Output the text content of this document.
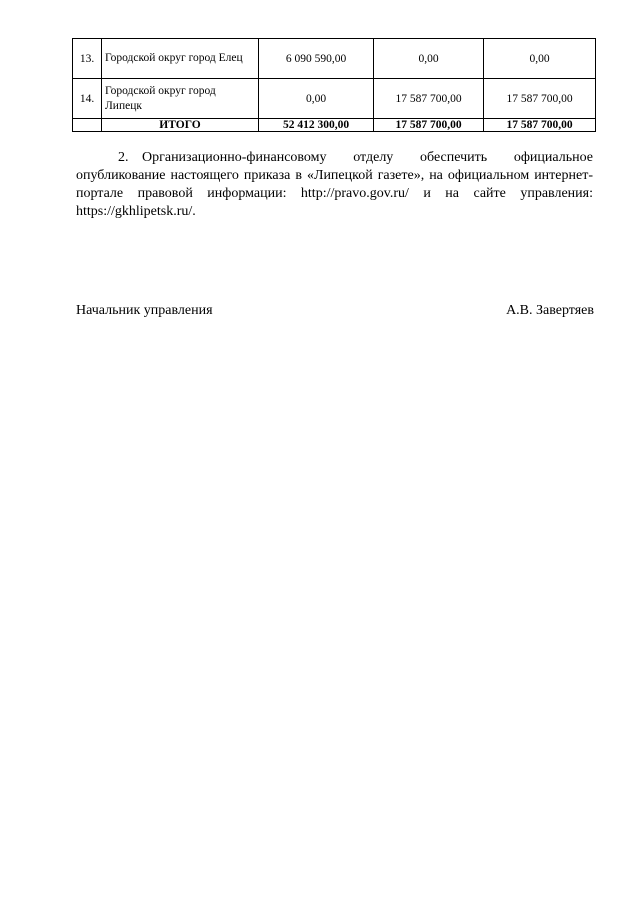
13.	Городской округ город Елец	6 090 590,00	0,00	0,00
14.	Городской округ город Липецк	0,00	17 587 700,00	17 587 700,00
	ИТОГО	52 412 300,00	17 587 700,00	17 587 700,00
2. Организационно-финансовому отделу обеспечить официальное опубликование настоящего приказа в «Липецкой газете», на официальном интернет-портале правовой информации: http://pravo.gov.ru/ и на сайте управления: https://gkhlipetsk.ru/.
Начальник управления	А.В. Завертяев
